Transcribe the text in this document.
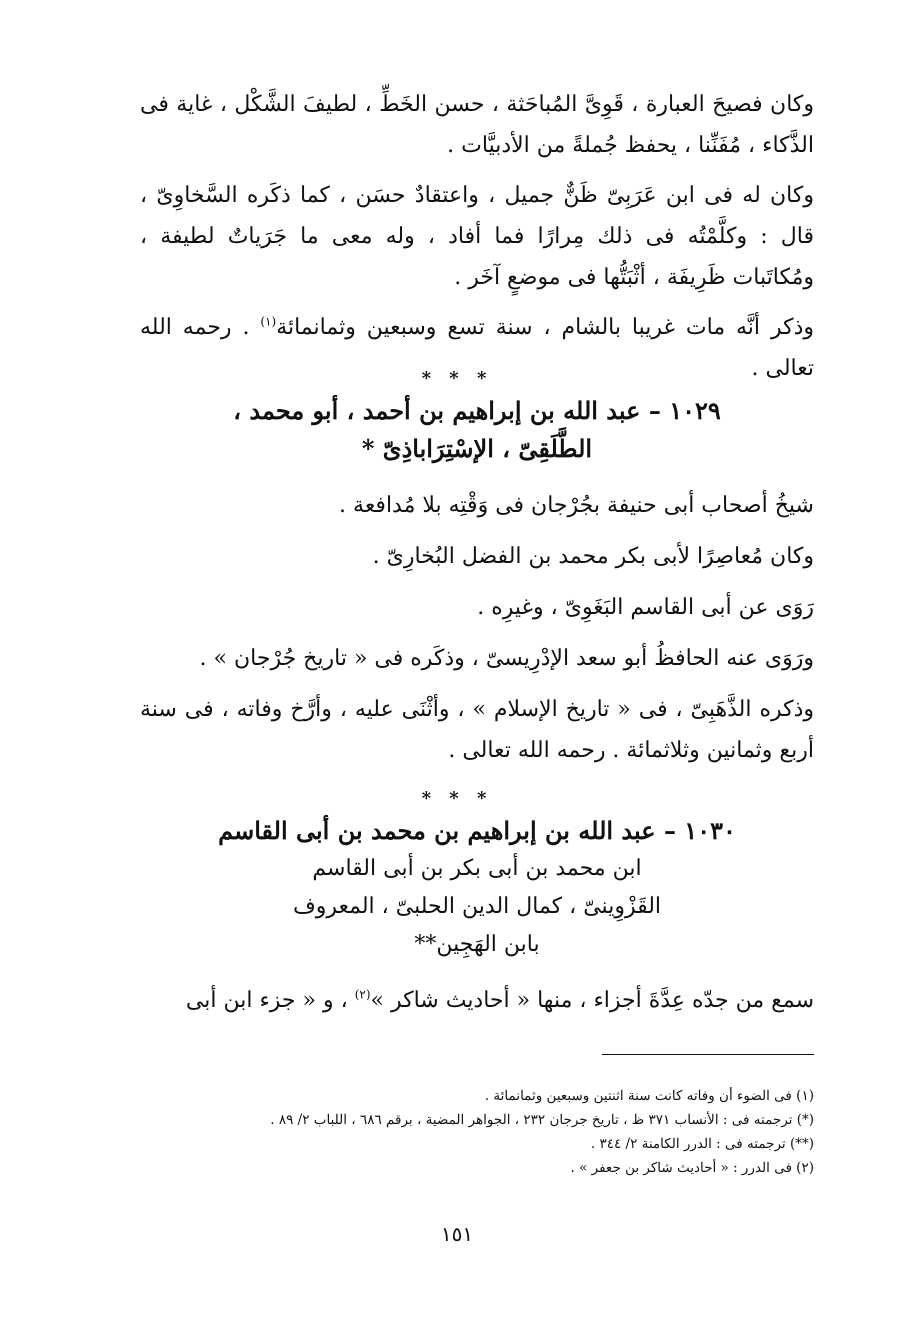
وكان فصيحَ العبارة ، قَوِىَّ المُباحَثة ، حسن الخَطِّ ، لطيفَ الشَّكْل ، غاية فى الذَّكاء ، مُفَنِّنا ، يحفظ جُملةً من الأدبيَّات .

وكان له فى ابن عَرَبِىّ ظَنٌّ جميل ، واعتقادٌ حسَن ، كما ذكَره السَّخاوِىّ ، قال : وكلَّمْتُه فى ذلك مِرارًا فما أفاد ، وله معى ما جَرَياتٌ لطيفة ، ومُكاتَبات ظَرِيفَة ، أثْبَتُّها فى موضعٍ آخَر .

وذكر أنَّه مات غريبا بالشام ، سنة تسع وسبعين وثمانمائة$^{(١)}$ . رحمه الله تعالى .

* * *
١٠٢٩ – عبد الله بن إبراهيم بن أحمد ، أبو محمد ،
الطَّلَقِىّ ، الإسْتِرَاباذِىّ *

شيخُ أصحاب أبى حنيفة بجُرْجان فى وَقْتِه بلا مُدافعة .

وكان مُعاصِرًا لأبى بكر محمد بن الفضل البُخارِىّ .

رَوَى عن أبى القاسم البَغَوِىّ ، وغيرِه .

ورَوَى عنه الحافظُ أبو سعد الإدْرِيسىّ ، وذكَره فى « تاريخ جُرْجان » .

وذكره الذَّهَبِىّ ، فى « تاريخ الإسلام » ، وأثْنَى عليه ، وأرَّخ وفاته ، فى سنة أربع وثمانين وثلاثمائة . رحمه الله تعالى .

* * *
١٠٣٠ – عبد الله بن إبراهيم بن محمد بن أبى القاسم
ابن محمد بن أبى بكر بن أبى القاسم
القَزْوِينىّ ، كمال الدين الحلبىّ ، المعروف
بابن الهَجِين**

سمع من جدّه عِدَّةَ أجزاء ، منها « أحاديث شاكر »$^{(٢)}$ ، و « جزء ابن أبى

(١) فى الضوء أن وفاته كانت سنة اثنتين وسبعين وثمانمائة .
(*) ترجمته فى : الأنساب ٣٧١ ظ ، تاريخ جرجان ٢٣٢ ، الجواهر المضية ، برقم ٦٨٦ ، اللباب ٢/ ٨٩ .
(**) ترجمته فى : الدرر الكامنة ٢/ ٣٤٤ .
(٢) فى الدرر : « أحاديث شاكر بن جعفر » .
١٥١
